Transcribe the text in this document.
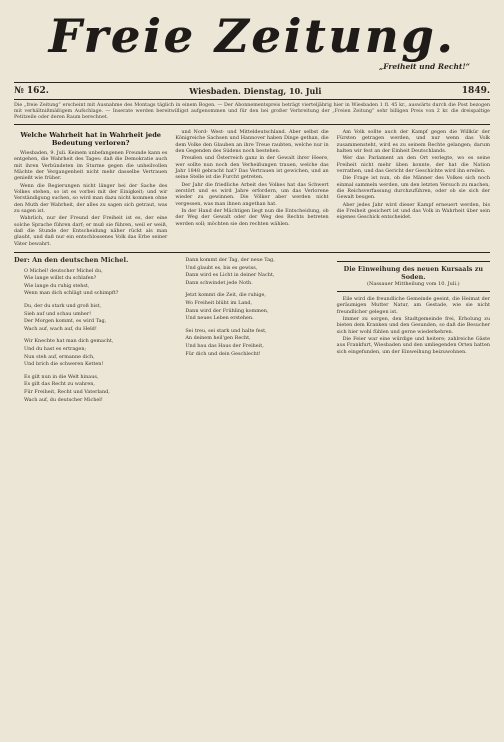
Freie Zeitung.
„Freiheit und Recht!“
№ 162.	Wiesbaden. Dienstag, 10. Juli	1849.
Die „freie Zeitung“ erscheint mit Ausnahme des Montags täglich in einem Bogen. — Der Abonnementspreis beträgt vierteljährig hier in Wiesbaden 1 fl. 45 kr., auswärts durch die Post bezogen mit verhältnißmäßigem Aufschlage. — Inserate werden bereitwilligst aufgenommen und für den bei großer Verbreitung der „Freien Zeitung“ sehr billigen Preis von 2 kr. die dreispaltige Petitzeile oder deren Raum berechnet.
Welche Wahrheit hat in Wahrheit jede Bedeutung verloren?

Wiesbaden, 9. Juli. Keinem unbefangenen Freunde kann es entgehen, die Wahrheit des Tages: daß die Demokratie auch mit ihren Verbündeten im Sturme gegen die unheilvollen Mächte der Vergangenheit nicht mehr dasselbe Vertrauen genießt wie früher.

Wenn die Regierungen nicht länger bei der Sache des Volkes stehen, so ist es vorbei mit der Einigkeit; und wir Verständigung suchen, so wird man dazu nicht kommen ohne den Muth der Wahrheit, der alles zu sagen sich getraut, was zu sagen ist.

Wahrlich, nur der Freund der Freiheit ist es, der eine solche Sprache führen darf; er muß sie führen, weil er weiß, daß die Stunde der Entscheidung näher rückt als man glaubt, und daß nur ein entschlossenes Volk das Erbe seiner Väter bewahrt.

und Nord- West- und Mitteldeutschland. Aber selbst die Königreiche Sachsen und Hannover haben Dinge gethan, die dem Volke den Glauben an ihre Treue raubten, welche nur in den Gegenden des Südens noch bestehen.

Preußen und Österreich ganz in der Gewalt ihrer Heere, wer sollte nun noch den Verheißungen trauen, welche das Jahr 1848 gebracht hat? Das Vertrauen ist gewichen, und an seine Stelle ist die Furcht getreten.

Der Jahr die friedliche Arbeit des Volkes hat das Schwert zerstört und es wird Jahre erfordern, um das Verlorene wieder zu gewinnen. Die Völker aber werden nicht vergessen, was man ihnen angethan hat.

In der Hand der Mächtigen liegt nun die Entscheidung, ob der Weg der Gewalt oder der Weg des Rechts betreten werden soll; möchten sie den rechten wählen.

Am Volk sollte auch der Kampf gegen die Willkür der Fürsten getragen werden, und nur wenn das Volk zusammensteht, wird es zu seinem Rechte gelangen; darum halten wir fest an der Einheit Deutschlands.

Wer das Parlament an den Ort verlegte, wo es seine Freiheit nicht mehr üben konnte, der hat die Nation verrathen, und das Gericht der Geschichte wird ihn ereilen.

Die Frage ist nun, ob die Männer des Volkes sich noch einmal sammeln werden, um den letzten Versuch zu machen, die Reichsverfassung durchzuführen, oder ob sie sich der Gewalt beugen.

Aber jedes Jahr wird dieser Kampf erneuert werden, bis die Freiheit gesichert ist und das Volk in Wahrheit über sein eigenes Geschick entscheidet.

Der: An den deutschen Michel.
O Michel! deutscher Michel du,
Wie lange willst du schlafen?
Wie lange du ruhig stehst,
Wenn man dich schlägt und schimpft?
Du, der du stark und groß bist,
Sieh auf und schau umher!
Der Morgen kommt, es wird Tag,
Wach auf, wach auf, du Held!
Wir Knechte hat man dich gemacht,
Und du hast es ertragen;
Nun steh auf, ermanne dich,
Und brich die schweren Ketten!
Es gilt nun in die Welt hinaus,
Es gilt das Recht zu wahren,
Für Freiheit, Recht und Vaterland,
Wach auf, du deutscher Michel!
Dann kommt der Tag, der neue Tag,
Und glaubt es, bis es gewiss,
Dann wird es Licht in deiner Nacht,
Dann schwindet jede Noth.
Jetzt kommt die Zeit, die ruhige,
Wo Freiheit blüht im Land,
Dann wird der Frühling kommen,
Und neues Leben erstehen.
Sei treu, sei stark und halte fest,
An deinem heil'gen Recht,
Und bau das Haus der Freiheit,
Für dich und dein Geschlecht!
Die Einweihung des neuen Kursaals zu Soden.
(Nassauer Mittheilung vom 10. Juli.)

Eile wird die freundliche Gemeinde geeint, die Heimat der geräumigen Mutter Natur, am Gestade, wie sie nicht freundlicher gelegen ist.

Immer zu sorgen, den Stadtgemeinde frei, Erholung zu bieten dem Kranken und den Gesunden, so daß die Besucher sich hier wohl fühlen und gerne wiederkehren.

Die Feier war eine würdige und heitere; zahlreiche Gäste aus Frankfurt, Wiesbaden und den umliegenden Orten hatten sich eingefunden, um der Einweihung beizuwohnen.
